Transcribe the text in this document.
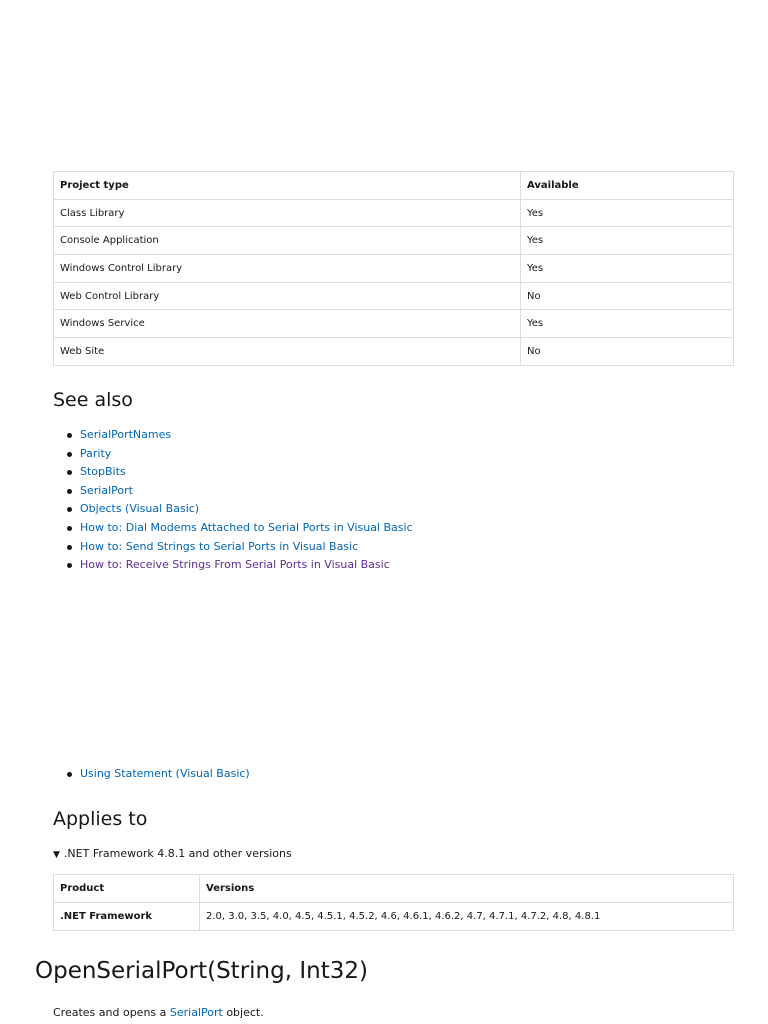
Project type	Available
Class Library	Yes
Console Application	Yes
Windows Control Library	Yes
Web Control Library	No
Windows Service	Yes
Web Site	No
See also
SerialPortNames
Parity
StopBits
SerialPort
Objects (Visual Basic)
How to: Dial Modems Attached to Serial Ports in Visual Basic
How to: Send Strings to Serial Ports in Visual Basic
How to: Receive Strings From Serial Ports in Visual Basic
Using Statement (Visual Basic)
Applies to
▼ .NET Framework 4.8.1 and other versions
Product	Versions
.NET Framework	2.0, 3.0, 3.5, 4.0, 4.5, 4.5.1, 4.5.2, 4.6, 4.6.1, 4.6.2, 4.7, 4.7.1, 4.7.2, 4.8, 4.8.1
OpenSerialPort(String, Int32)

Creates and opens a SerialPort object.
